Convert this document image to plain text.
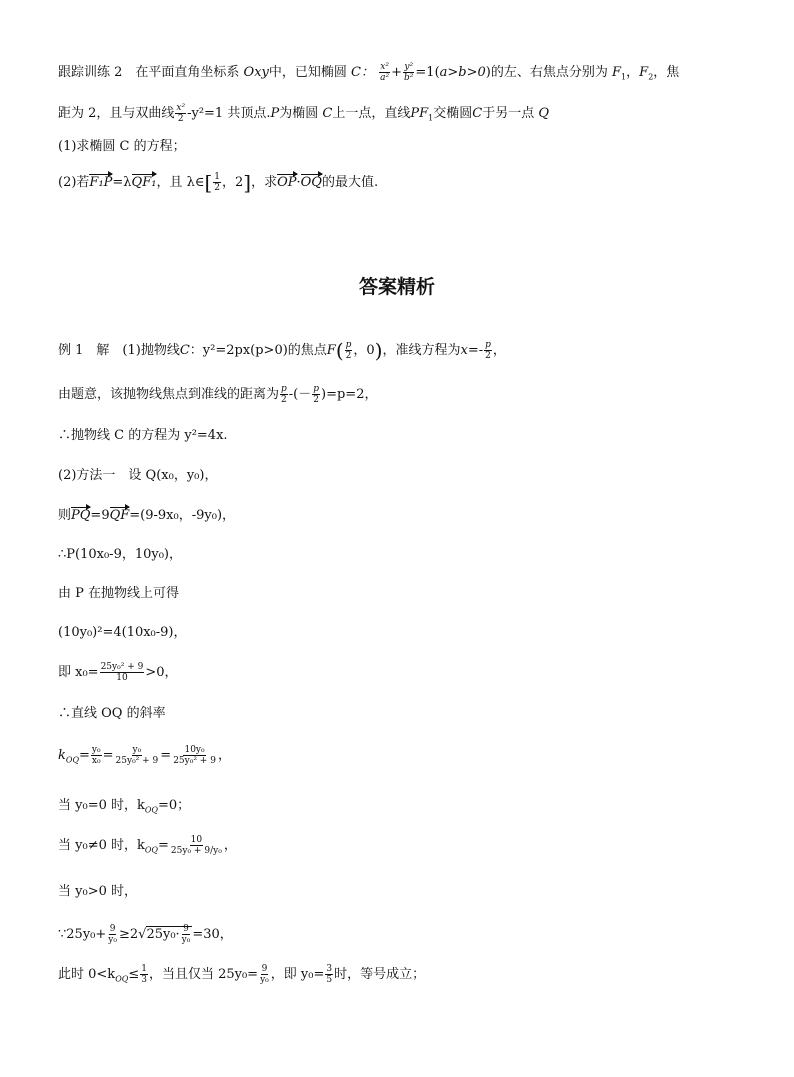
跟踪训练 2　在平面直角坐标系 Oxy中，已知椭圆 C： $\frac{\text{x²}}{\text{a²}} + \frac{\text{y²}}{\text{b²}} =1(a>b>0)$的左、右焦点分别为 $F_1$，$F_2$，焦
距为 2，且与双曲线 $\frac{\text{x²}}{2} -y^2=1$ 共顶点.P为椭圆 C上一点，直线$PF_1$交椭圆C于另一点 Q
(1)求椭圆 C 的方程；
(2)若F₁P=λQF₁，且 λ∈[ $\frac{1}{2}$ ，2]，求OP·OQ的最大值.
答案精析
例 1　解　(1)抛物线C：y²=2px(p>0)的焦点$F( \frac{p}{2}$ ，0)，准线方程为$x=- \frac{p}{2}$ ，
由题意，该抛物线焦点到准线的距离为 $\frac{p}{2}$ -(－ $\frac{p}{2} )=p=2$，
∴抛物线 C 的方程为 y²=4x.
(2)方法一　设 Q(x₀，y₀)，
则PQ=9QF=(9-9x₀，-9y₀)，
∴P(10x₀-9，10y₀)，
由 P 在抛物线上可得
(10y₀)²=4(10x₀-9)，
即 $x_0= \frac{\text{25y₀² + 9}}{10} >0$，
∴直线 OQ 的斜率
$k_{OQ}= \frac{\text{y₀}}{\text{x₀}} = \frac{\text{y₀}}{\text{25y₀² + 9}} = \frac{\text{10y₀}}{\text{25y₀² + 9}}$ ，
当 y₀=0 时，$k_{OQ}=0$；
当 y₀≠0 时，$k_{OQ}= \frac{10}{\text{25y₀ + 9/y₀}}$ ，
当 y₀>0 时，
∵25y₀+ $\frac{9}{\text{y₀}} \ge 2√25y_0\cdot \frac{9}{\text{y₀}} =30$，
此时 $0<k_{OQ}\le \frac{1}{3}$ ，当且仅当 $25y_0= \frac{9}{\text{y₀}}$ ，即 $y_0= \frac{3}{5}$ 时，等号成立；
